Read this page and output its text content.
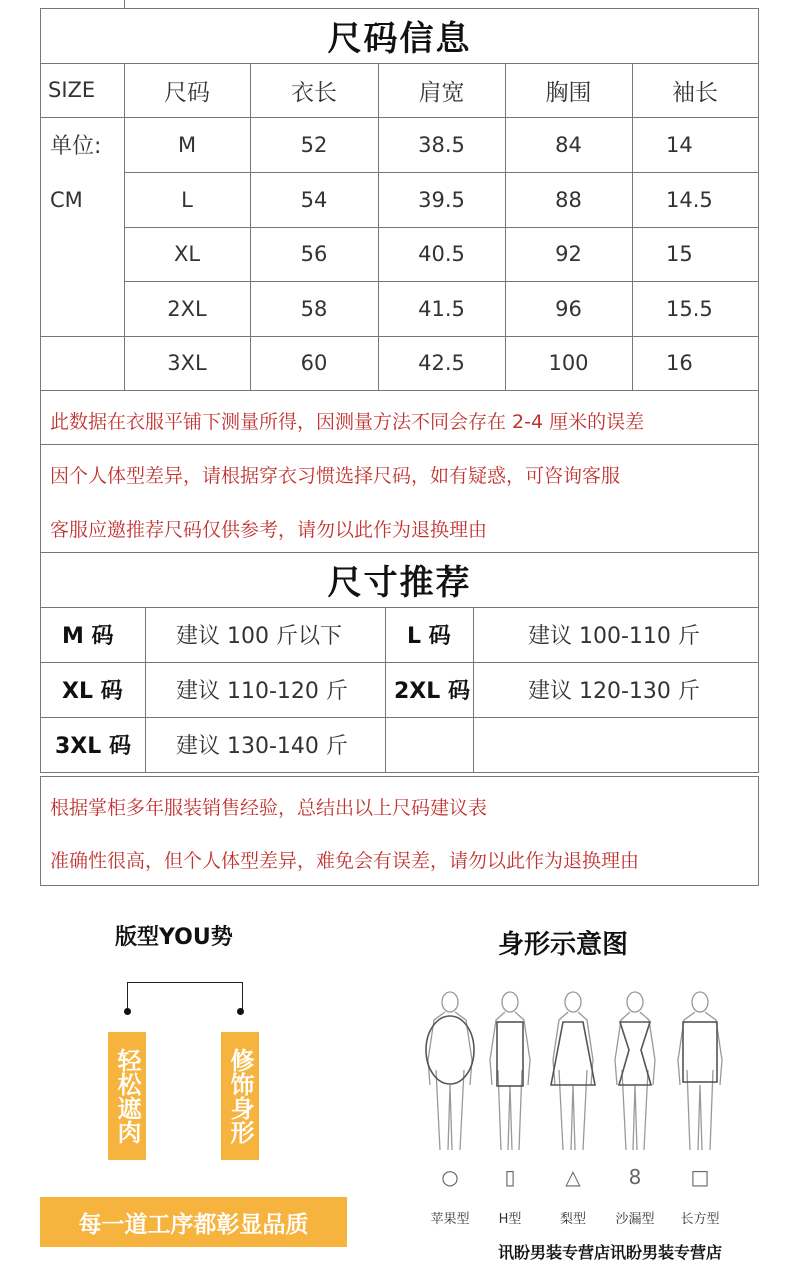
尺码信息
SIZE	尺码	衣长	肩宽	胸围	袖长
单位:
CM
M	52	38.5	84	14
L	54	39.5	88	14.5
XL	56	40.5	92	15
2XL	58	41.5	96	15.5
3XL	60	42.5	100	16
此数据在衣服平铺下测量所得，因测量方法不同会存在 2-4 厘米的误差
因个人体型差异，请根据穿衣习惯选择尺码，如有疑惑，可咨询客服
客服应邀推荐尺码仅供参考，请勿以此作为退换理由
尺寸推荐
M 码	建议 100 斤以下	L 码	建议 100-110 斤
XL 码 建议 110-120 斤 2XL 码	建议 120-130 斤
3XL 码 建议 130-140 斤
根据掌柜多年服装销售经验，总结出以上尺码建议表
准确性很高，但个人体型差异，难免会有误差，请勿以此作为退换理由
版型YOU势
轻松遮肉	修饰身形
每一道工序都彰显品质
身形示意图
○	▯	△	8	□
苹果型	H型	梨型	沙漏型	长方型
讯盼男装专营店讯盼男装专营店
